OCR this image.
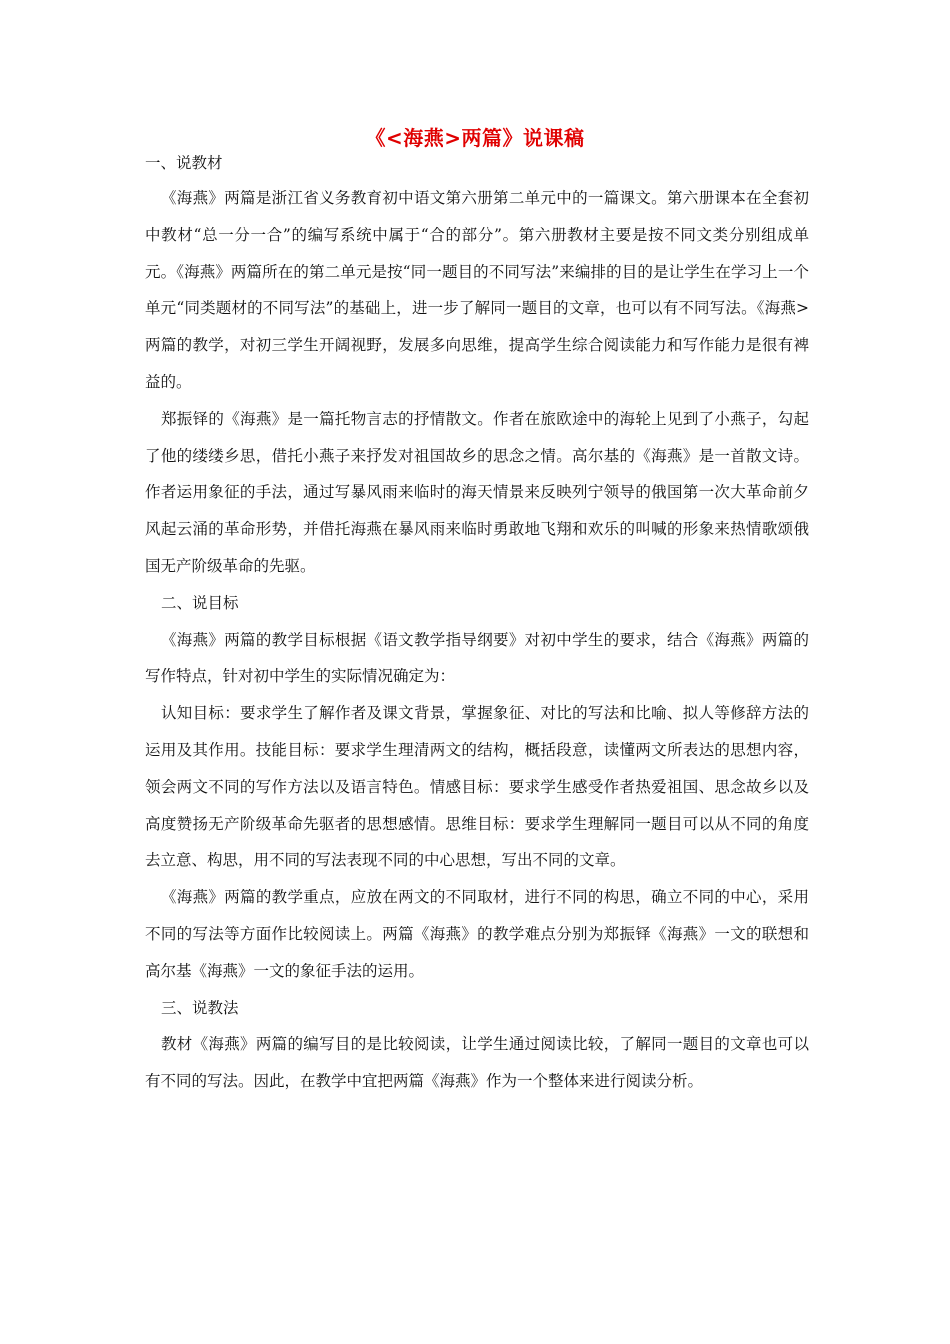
《<海燕>两篇》说课稿
一、说教材

《海燕》两篇是浙江省义务教育初中语文第六册第二单元中的一篇课文。第六册课本在全套初中教材“总一分一合”的编写系统中属于“合的部分”。第六册教材主要是按不同文类分别组成单元。《海燕》两篇所在的第二单元是按“同一题目的不同写法”来编排的目的是让学生在学习上一个单元“同类题材的不同写法”的基础上，进一步了解同一题目的文章，也可以有不同写法。《海燕>两篇的教学，对初三学生开阔视野，发展多向思维，提高学生综合阅读能力和写作能力是很有裨益的。

郑振铎的《海燕》是一篇托物言志的抒情散文。作者在旅欧途中的海轮上见到了小燕子，勾起了他的缕缕乡思，借托小燕子来抒发对祖国故乡的思念之情。高尔基的《海燕》是一首散文诗。作者运用象征的手法，通过写暴风雨来临时的海天情景来反映列宁领导的俄国第一次大革命前夕风起云涌的革命形势，并借托海燕在暴风雨来临时勇敢地飞翔和欢乐的叫喊的形象来热情歌颂俄国无产阶级革命的先驱。

二、说目标

《海燕》两篇的教学目标根据《语文教学指导纲要》对初中学生的要求，结合《海燕》两篇的写作特点，针对初中学生的实际情况确定为：

认知目标：要求学生了解作者及课文背景，掌握象征、对比的写法和比喻、拟人等修辞方法的运用及其作用。技能目标：要求学生理清两文的结构，概括段意，读懂两文所表达的思想内容，领会两文不同的写作方法以及语言特色。情感目标：要求学生感受作者热爱祖国、思念故乡以及高度赞扬无产阶级革命先驱者的思想感情。思维目标：要求学生理解同一题目可以从不同的角度去立意、构思，用不同的写法表现不同的中心思想，写出不同的文章。

《海燕》两篇的教学重点，应放在两文的不同取材，进行不同的构思，确立不同的中心，采用不同的写法等方面作比较阅读上。两篇《海燕》的教学难点分别为郑振铎《海燕》一文的联想和高尔基《海燕》一文的象征手法的运用。

三、说教法

教材《海燕》两篇的编写目的是比较阅读，让学生通过阅读比较，了解同一题目的文章也可以有不同的写法。因此，在教学中宜把两篇《海燕》作为一个整体来进行阅读分析。
